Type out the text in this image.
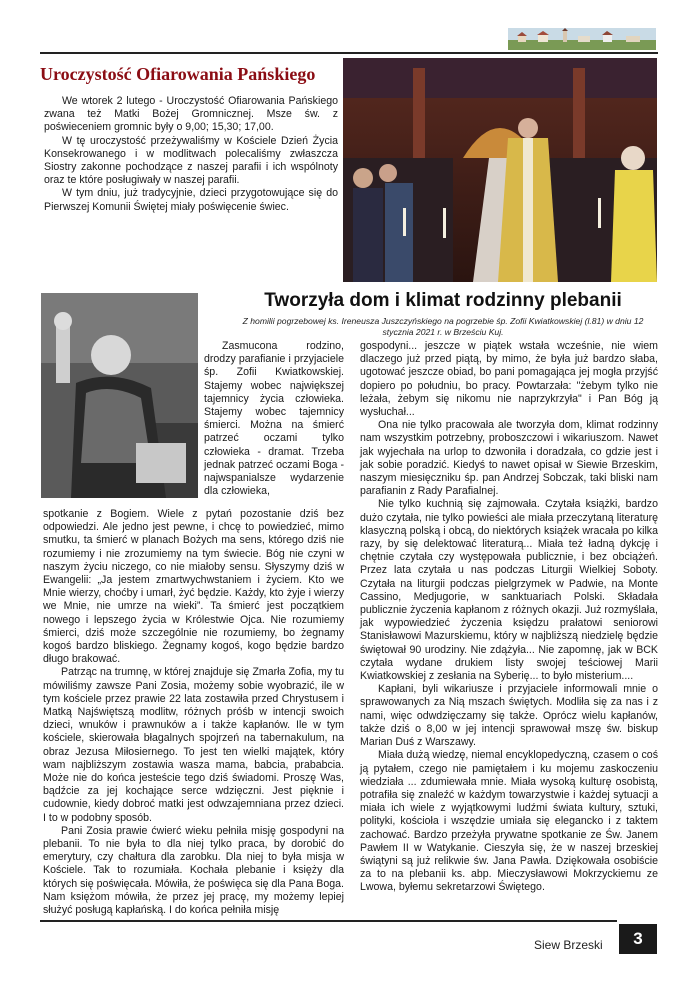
Uroczystość Ofiarowania Pańskiego

We wtorek 2 lutego - Uroczystość Ofiarowania Pańskiego zwana też Matki Bożej Gromnicznej. Msze św. z poświeceniem gromnic były o 9,00; 15,30; 17,00.

W tę uroczystość przeżywaliśmy w Kościele Dzień Życia Konsekrowanego i w modlitwach polecaliśmy zwłaszcza Siostry zakonne pochodzące z naszej parafii i ich wspólnoty oraz te które posługiwały w naszej parafii.

W tym dniu, już tradycyjnie, dzieci przygotowujące się do Pierwszej Komunii Świętej miały poświęcenie świec.

Tworzyła dom i klimat rodzinny plebanii
Z homilii pogrzebowej ks. Ireneusza Juszczyńskiego na pogrzebie śp. Zofii Kwiatkowskiej (l.81) w dniu 12 stycznia 2021 r. w Brześciu Kuj.

Zasmucona rodzino, drodzy parafianie i przyjaciele śp. Zofii Kwiatkowskiej. Stajemy wobec największej tajemnicy życia człowieka. Stajemy wobec tajemnicy śmierci. Można na śmierć patrzeć oczami tylko człowieka - dramat. Trzeba jednak patrzeć oczami Boga - najwspanialsze wydarzenie dla człowieka,

spotkanie z Bogiem. Wiele z pytań pozostanie dziś bez odpowiedzi. Ale jedno jest pewne, i chcę to powiedzieć, mimo smutku, ta śmierć w planach Bożych ma sens, którego dziś nie rozumiemy i nie zrozumiemy na tym świecie. Bóg nie czyni w naszym życiu niczego, co nie miałoby sensu. Słyszymy dziś w Ewangelii: „Ja jestem zmartwychwstaniem i życiem. Kto we Mnie wierzy, choćby i umarł, żyć będzie. Każdy, kto żyje i wierzy we Mnie, nie umrze na wieki”. Ta śmierć jest początkiem nowego i lepszego życia w Królestwie Ojca. Nie rozumiemy śmierci, dziś może szczególnie nie rozumiemy, bo żegnamy kogoś bardzo bliskiego. Żegnamy kogoś, kogo będzie bardzo długo brakować.

Patrząc na trumnę, w której znajduje się Zmarła Zofia, my tu mówiliśmy zawsze Pani Zosia, możemy sobie wyobrazić, ile w tym kościele przez prawie 22 lata zostawiła przed Chrystusem i Matką Najświętszą modlitw, różnych próśb w intencji swoich dzieci, wnuków i prawnuków a i także kapłanów. Ile w tym kościele, skierowała błagalnych spojrzeń na tabernakulum, na obraz Jezusa Miłosiernego. To jest ten wielki majątek, który wam najbliższym zostawia wasza mama, babcia, prababcia. Może nie do końca jesteście tego dziś świadomi. Proszę Was, bądźcie za jej kochające serce wdzięczni. Jest pięknie i cudownie, kiedy dobroć matki jest odwzajemniana przez dzieci. I to w podobny sposób.

Pani Zosia prawie ćwierć wieku pełniła misję gospodyni na plebanii. To nie była to dla niej tylko praca, by dorobić do emerytury, czy chałtura dla zarobku. Dla niej to była misja w Kościele. Tak to rozumiała. Kochała plebanie i księży dla których się poświęcała. Mówiła, że poświęca się dla Pana Boga. Nam księżom mówiła, że przez jej pracę, my możemy lepiej służyć posługą kapłańską. I do końca pełniła misję

gospodyni... jeszcze w piątek wstała wcześnie, nie wiem dlaczego już przed piątą, by mimo, że była już bardzo słaba, ugotować jeszcze obiad, bo pani pomagająca jej mogła przyjść dopiero po południu, bo pracy. Powtarzała: "żebym tylko nie leżała, żebym się nikomu nie naprzykrzyła" i Pan Bóg ją wysłuchał...

Ona nie tylko pracowała ale tworzyła dom, klimat rodzinny nam wszystkim potrzebny, proboszczowi i wikariuszom. Nawet jak wyjechała na urlop to dzwoniła i doradzała, co gdzie jest i jak sobie poradzić. Kiedyś to nawet opisał w Siewie Brzeskim, naszym miesięczniku śp. pan Andrzej Sobczak, taki bliski nam parafianin z Rady Parafialnej.

Nie tylko kuchnią się zajmowała. Czytała książki, bardzo dużo czytała, nie tylko powieści ale miała przeczytaną literaturę klasyczną polską i obcą, do niektórych książek wracała po kilka razy, by się delektować literaturą... Miała też ładną dykcję i chętnie czytała czy występowała publicznie, i bez obciążeń. Przez lata czytała u nas podczas Liturgii Wielkiej Soboty. Czytała na liturgii podczas pielgrzymek w Padwie, na Monte Cassino, Medjugorie, w sanktuariach Polski. Składała publicznie życzenia kapłanom z różnych okazji. Już rozmyślała, jak wypowiedzieć życzenia księdzu prałatowi seniorowi Stanisławowi Mazurskiemu, który w najbliższą niedzielę będzie świętował 90 urodziny. Nie zdążyła... Nie zapomnę, jak w BCK czytała wydane drukiem listy swojej teściowej Marii Kwiatkowskiej z zesłania na Syberię... to było misterium....

Kapłani, byli wikariusze i przyjaciele informowali mnie o sprawowanych za Nią mszach świętych. Modliła się za nas i z nami, więc odwdzięczamy się także. Oprócz wielu kapłanów, także dziś o 8,00 w jej intencji sprawował mszę św. biskup Marian Duś z Warszawy.

Miała dużą wiedzę, niemal encyklopedyczną, czasem o coś ją pytałem, czego nie pamiętałem i ku mojemu zaskoczeniu wiedziała ... zdumiewała mnie. Miała wysoką kulturę osobistą, potrafiła się znaleźć w każdym towarzystwie i każdej sytuacji a miała ich wiele z wyjątkowymi ludźmi świata kultury, sztuki, polityki, kościoła i wszędzie umiała się elegancko i z taktem zachować. Bardzo przeżyła prywatne spotkanie ze Św. Janem Pawłem II w Watykanie. Cieszyła się, że w naszej brzeskiej świątyni są już relikwie św. Jana Pawła. Dziękowała osobiście za to na plebanii ks. abp. Mieczysławowi Mokrzyckiemu ze Lwowa, byłemu sekretarzowi Świętego.

Siew Brzeski	3
